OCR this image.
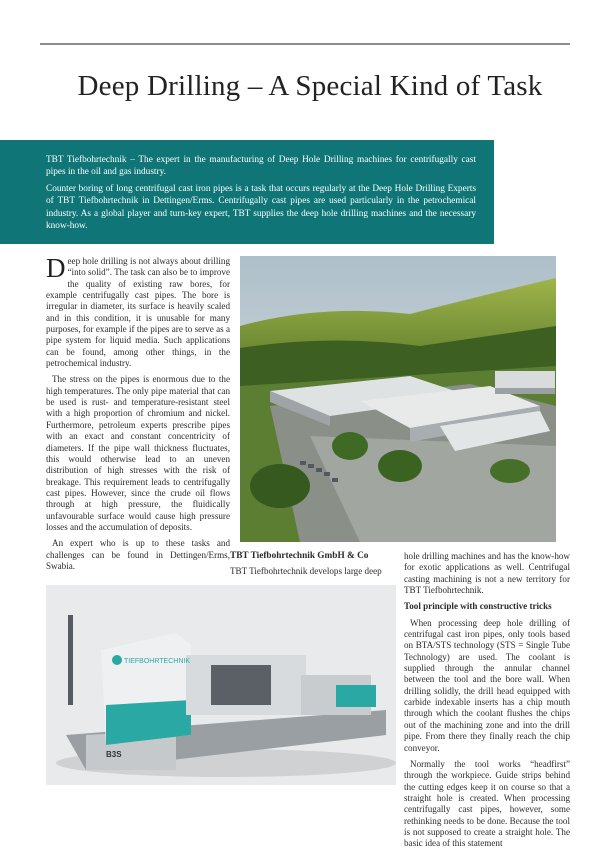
Deep Drilling – A Special Kind of Task

TBT Tiefbohrtechnik – The expert in the manufacturing of Deep Hole Drilling machines for centrifugally cast pipes in the oil and gas industry.

Counter boring of long centrifugal cast iron pipes is a task that occurs regularly at the Deep Hole Drilling Experts of TBT Tiefbohrtechnik in Dettingen/Erms. Centrifugally cast pipes are used particularly in the petrochemical industry. As a global player and turn-key expert, TBT supplies the deep hole drilling machines and the necessary know-how.

Deep hole drilling is not always about drilling “into solid”. The task can also be to improve the quality of existing raw bores, for example centrifugally cast pipes. The bore is irregular in diameter, its surface is heavily scaled and in this condition, it is unusable for many purposes, for example if the pipes are to serve as a pipe system for liquid media. Such applications can be found, among other things, in the petrochemical industry.

The stress on the pipes is enormous due to the high temperatures. The only pipe material that can be used is rust- and temperature-resistant steel with a high proportion of chromium and nickel. Furthermore, petroleum experts prescribe pipes with an exact and constant concentricity of diameters. If the pipe wall thickness fluctuates, this would otherwise lead to an uneven distribution of high stresses with the risk of breakage. This requirement leads to centrifugally cast pipes. However, since the crude oil flows through at high pressure, the fluidically unfavourable surface would cause high pressure losses and the accumulation of deposits.

An expert who is up to these tasks and challenges can be found in Dettingen/Erms, Swabia.

TBT Tiefbohrtechnik GmbH & Co
TBT Tiefbohrtechnik develops large deep
TIEFBOHRTECHNIK
B3S

hole drilling machines and has the know-how for exotic applications as well. Centrifugal casting machining is not a new territory for TBT Tiefbohrtechnik.

Tool principle with constructive tricks

When processing deep hole drilling of centrifugal cast iron pipes, only tools based on BTA/STS technology (STS = Single Tube Technology) are used. The coolant is supplied through the annular channel between the tool and the bore wall. When drilling solidly, the drill head equipped with carbide indexable inserts has a chip mouth through which the coolant flushes the chips out of the machining zone and into the drill pipe. From there they finally reach the chip conveyor.

Normally the tool works “headfirst” through the workpiece. Guide strips behind the cutting edges keep it on course so that a straight hole is created. When processing centrifugally cast pipes, however, some rethinking needs to be done. Because the tool is not supposed to create a straight hole. The basic idea of this statement
